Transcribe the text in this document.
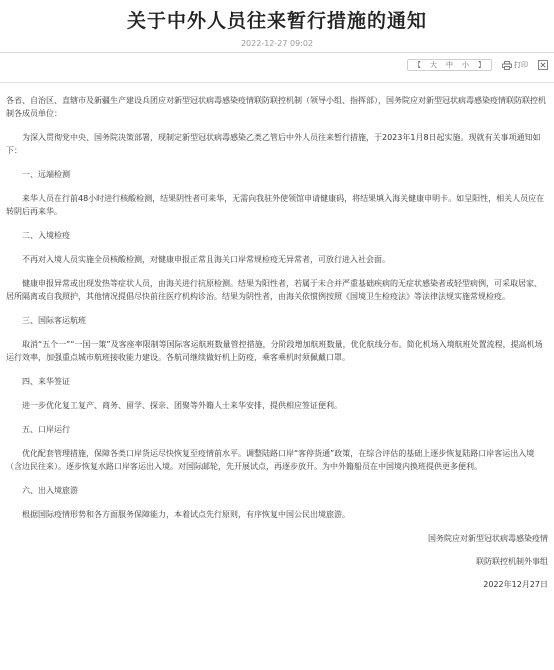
关于中外人员往来暂行措施的通知
2022-12-27 09:02
【 大 中 小 】	打印

各省、自治区、直辖市及新疆生产建设兵团应对新型冠状病毒感染疫情联防联控机制（领导小组、指挥部），国务院应对新型冠状病毒感染疫情联防联控机制各成员单位：

为深入贯彻党中央、国务院决策部署，现制定新型冠状病毒感染乙类乙管后中外人员往来暂行措施，于2023年1月8日起实施。现就有关事项通知如下：

一、远端检测

来华人员在行前48小时进行核酸检测，结果阴性者可来华，无需向我驻外使领馆申请健康码，将结果填入海关健康申明卡。如呈阳性，相关人员应在转阴后再来华。

二、入境检疫

不再对入境人员实施全员核酸检测，对健康申报正常且海关口岸常规检疫无异常者，可放行进入社会面。

健康申报异常或出现发热等症状人员，由海关进行抗原检测。结果为阳性者，若属于未合并严重基础疾病的无症状感染者或轻型病例，可采取居家、居所隔离或自我照护，其他情况提倡尽快前往医疗机构诊治。结果为阴性者，由海关依惯例按照《国境卫生检疫法》等法律法规实施常规检疫。

三、国际客运航班

取消“五个一”“一国一策”及客座率限制等国际客运航班数量管控措施，分阶段增加航班数量，优化航线分布。简化机场入境航班处置流程，提高机场运行效率，加强重点城市航班接收能力建设。各航司继续做好机上防疫，乘客乘机时须佩戴口罩。

四、来华签证

进一步优化复工复产、商务、留学、探亲、团聚等外籍人士来华安排，提供相应签证便利。

五、口岸运行

优化配套管理措施，保障各类口岸货运尽快恢复至疫情前水平。调整陆路口岸“客停货通”政策，在综合评估的基础上逐步恢复陆路口岸客运出入境（含边民往来）。逐步恢复水路口岸客运出入境。对国际邮轮，先开展试点，再逐步放开。为中外籍船员在中国境内换班提供更多便利。

六、出入境旅游

根据国际疫情形势和各方面服务保障能力，本着试点先行原则，有序恢复中国公民出境旅游。

国务院应对新型冠状病毒感染疫情

联防联控机制外事组

2022年12月27日
